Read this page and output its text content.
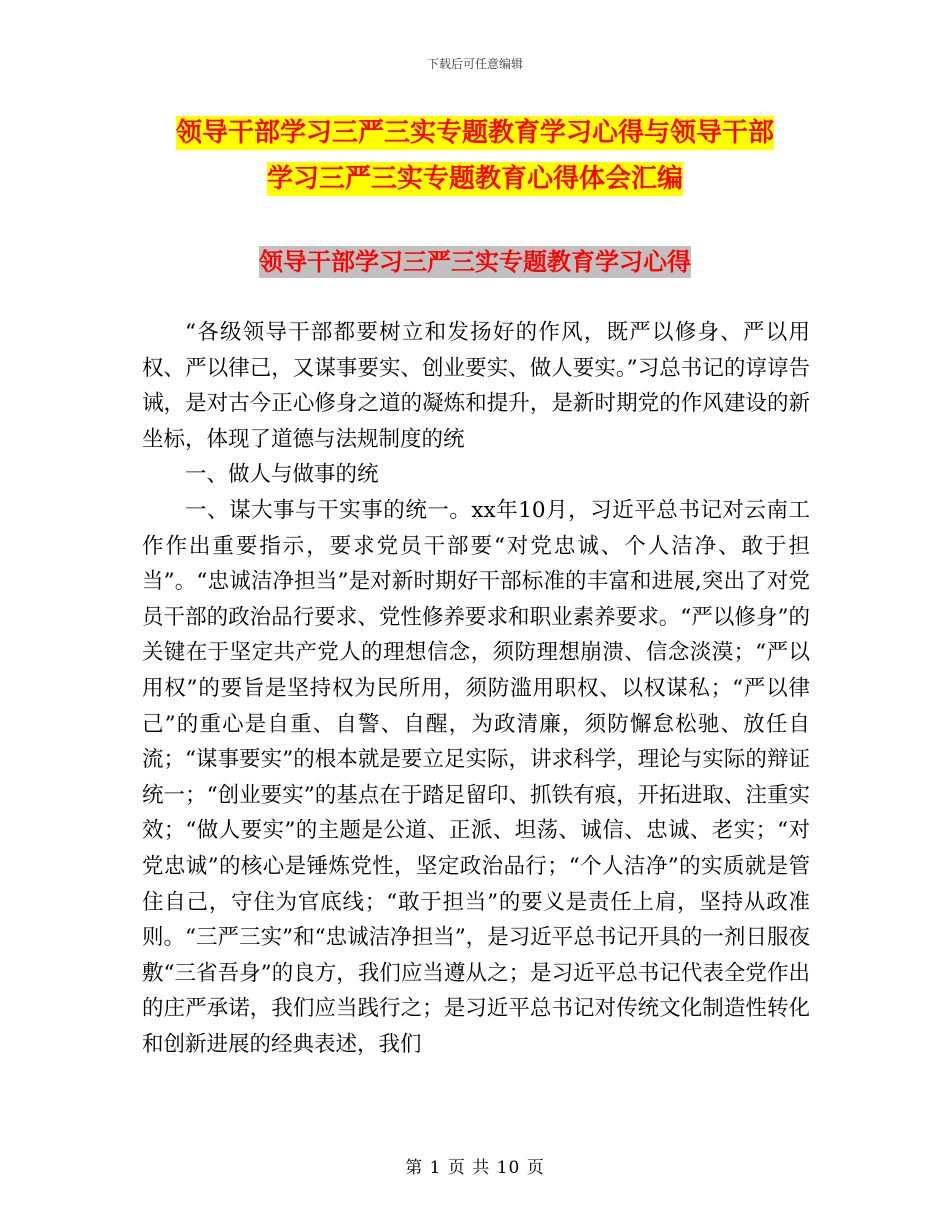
下载后可任意编辑
领导干部学习三严三实专题教育学习心得与领导干部
学习三严三实专题教育心得体会汇编
领导干部学习三严三实专题教育学习心得

“各级领导干部都要树立和发扬好的作风，既严以修身、严以用权、严以律己，又谋事要实、创业要实、做人要实。”习总书记的谆谆告诫，是对古今正心修身之道的凝炼和提升，是新时期党的作风建设的新坐标，体现了道德与法规制度的统

一、做人与做事的统

一、谋大事与干实事的统一。xx年10月，习近平总书记对云南工作作出重要指示，要求党员干部要“对党忠诚、个人洁净、敢于担当”。“忠诚洁净担当”是对新时期好干部标准的丰富和进展,突出了对党员干部的政治品行要求、党性修养要求和职业素养要求。“严以修身”的关键在于坚定共产党人的理想信念，须防理想崩溃、信念淡漠；“严以用权”的要旨是坚持权为民所用，须防滥用职权、以权谋私；“严以律己”的重心是自重、自警、自醒，为政清廉，须防懈怠松驰、放任自流；“谋事要实”的根本就是要立足实际，讲求科学，理论与实际的辩证统一；“创业要实”的基点在于踏足留印、抓铁有痕，开拓进取、注重实效；“做人要实”的主题是公道、正派、坦荡、诚信、忠诚、老实；“对党忠诚”的核心是锤炼党性，坚定政治品行；“个人洁净”的实质就是管住自己，守住为官底线；“敢于担当”的要义是责任上肩，坚持从政准则。“三严三实”和“忠诚洁净担当”，是习近平总书记开具的一剂日服夜敷“三省吾身”的良方，我们应当遵从之；是习近平总书记代表全党作出的庄严承诺，我们应当践行之；是习近平总书记对传统文化制造性转化和创新进展的经典表述，我们

第 1 页 共 10 页
